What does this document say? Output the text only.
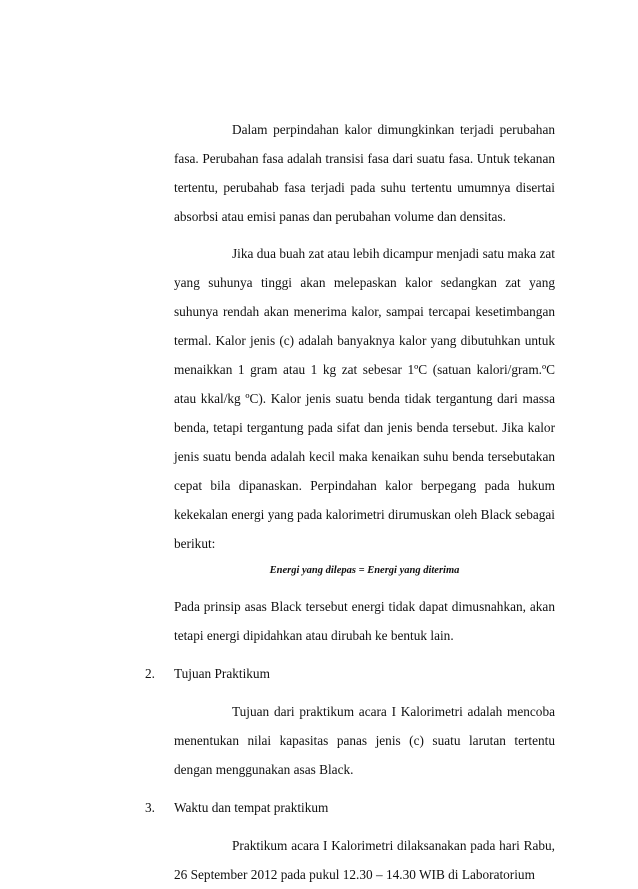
Dalam perpindahan kalor dimungkinkan terjadi perubahan fasa. Perubahan fasa adalah transisi fasa dari suatu fasa. Untuk tekanan tertentu, perubahab fasa terjadi pada suhu tertentu umumnya disertai absorbsi atau emisi panas dan perubahan volume dan densitas.

Jika dua buah zat atau lebih dicampur menjadi satu maka zat yang suhunya tinggi akan melepaskan kalor sedangkan zat yang suhunya rendah akan menerima kalor, sampai tercapai kesetimbangan termal. Kalor jenis (c) adalah banyaknya kalor yang dibutuhkan untuk menaikkan 1 gram atau 1 kg zat sebesar 1ºC (satuan kalori/gram.ºC atau kkal/kg ºC). Kalor jenis suatu benda tidak tergantung dari massa benda, tetapi tergantung pada sifat dan jenis benda tersebut. Jika kalor jenis suatu benda adalah kecil maka kenaikan suhu benda tersebutakan cepat bila dipanaskan. Perpindahan kalor berpegang pada hukum kekekalan energi yang pada kalorimetri dirumuskan oleh Black sebagai berikut:

Energi yang dilepas = Energi yang diterima

Pada prinsip asas Black tersebut energi tidak dapat dimusnahkan, akan tetapi energi dipidahkan atau dirubah ke bentuk lain.

2. Tujuan Praktikum

Tujuan dari praktikum acara I Kalorimetri adalah mencoba menentukan nilai kapasitas panas jenis (c) suatu larutan tertentu dengan menggunakan asas Black.

3. Waktu dan tempat praktikum

Praktikum acara I Kalorimetri dilaksanakan pada hari Rabu, 26 September 2012 pada pukul 12.30 – 14.30 WIB di Laboratorium
